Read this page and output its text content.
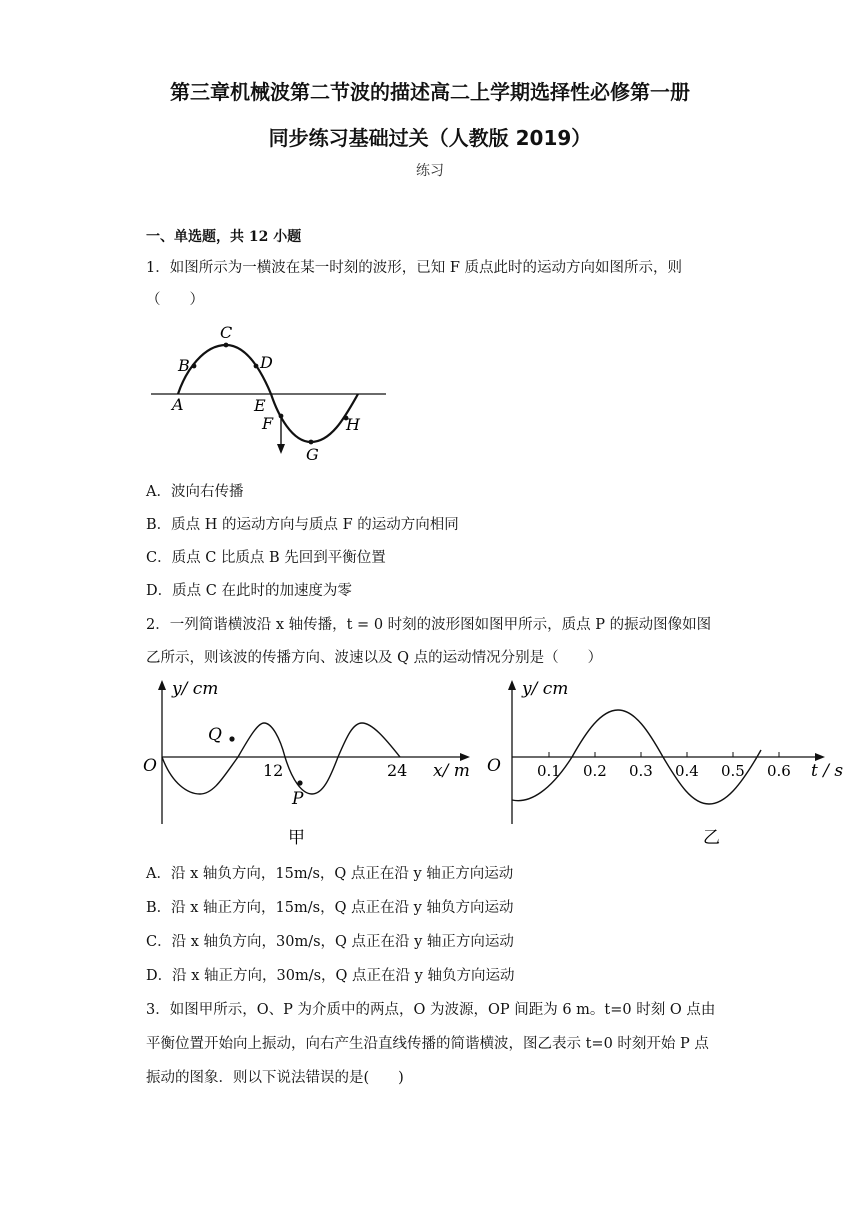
第三章机械波第二节波的描述高二上学期选择性必修第一册
同步练习基础过关（人教版 2019）
练习
一、单选题，共 12 小题
1．如图所示为一横波在某一时刻的波形，已知 F 质点此时的运动方向如图所示，则
（　　）
A
B
C
D
E
F
G
H
A．波向右传播
B．质点 H 的运动方向与质点 F 的运动方向相同
C．质点 C 比质点 B 先回到平衡位置
D．质点 C 在此时的加速度为零
2．一列简谐横波沿 x 轴传播，t = 0 时刻的波形图如图甲所示，质点 P 的振动图像如图
乙所示，则该波的传播方向、波速以及 Q 点的运动情况分别是（　　）
y/ cm
O	12	24 x/ m
Q
P
甲
y/ cm
O 0.1 0.2 0.3 0.4 0.5 0.6 t / s
乙
A．沿 x 轴负方向，15m/s，Q 点正在沿 y 轴正方向运动
B．沿 x 轴正方向，15m/s，Q 点正在沿 y 轴负方向运动
C．沿 x 轴负方向，30m/s，Q 点正在沿 y 轴正方向运动
D．沿 x 轴正方向，30m/s，Q 点正在沿 y 轴负方向运动
3．如图甲所示，O、P 为介质中的两点，O 为波源，OP 间距为 6 m。t=0 时刻 O 点由
平衡位置开始向上振动，向右产生沿直线传播的简谐横波，图乙表示 t=0 时刻开始 P 点
振动的图象．则以下说法错误的是(　　)
